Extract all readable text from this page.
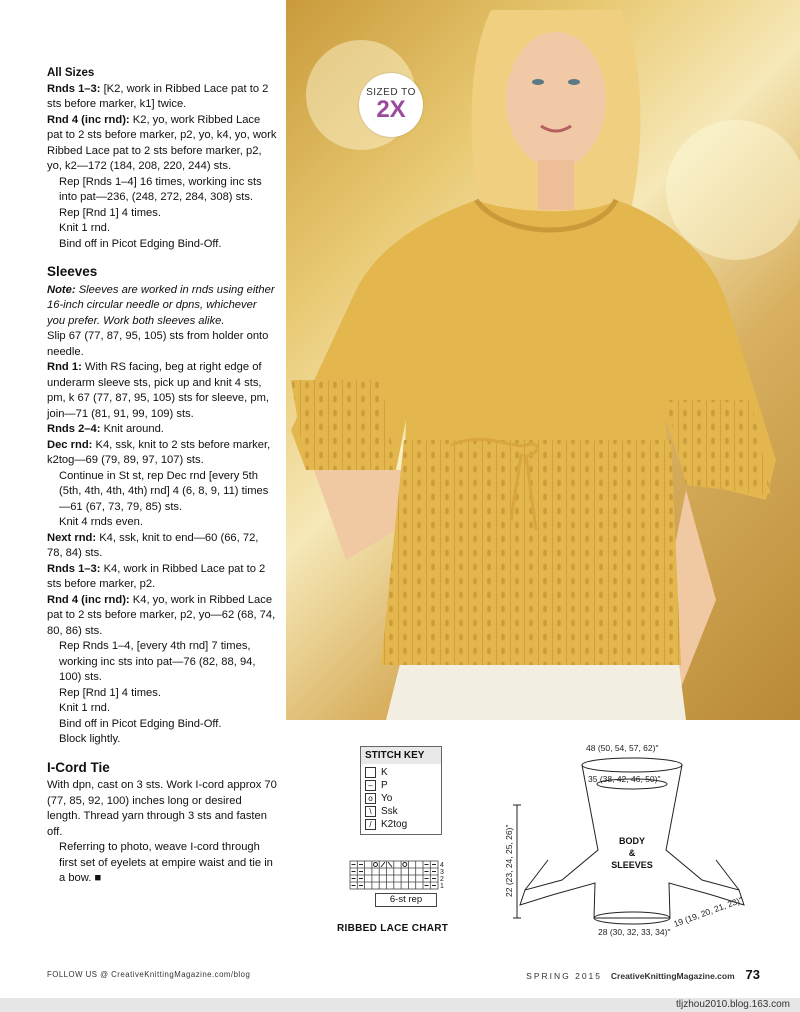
All Sizes

Rnds 1–3: [K2, work in Ribbed Lace pat to 2 sts before marker, k1] twice.

Rnd 4 (inc rnd): K2, yo, work Ribbed Lace pat to 2 sts before marker, p2, yo, k4, yo, work Ribbed Lace pat to 2 sts before marker, p2, yo, k2—172 (184, 208, 220, 244) sts.

Rep [Rnds 1–4] 16 times, working inc sts into pat—236, (248, 272, 284, 308) sts.

Rep [Rnd 1] 4 times.

Knit 1 rnd.

Bind off in Picot Edging Bind-Off.

Sleeves

Note: Sleeves are worked in rnds using either 16-inch circular needle or dpns, whichever you prefer. Work both sleeves alike.

Slip 67 (77, 87, 95, 105) sts from holder onto needle.

Rnd 1: With RS facing, beg at right edge of underarm sleeve sts, pick up and knit 4 sts, pm, k 67 (77, 87, 95, 105) sts for sleeve, pm, join—71 (81, 91, 99, 109) sts.

Rnds 2–4: Knit around.

Dec rnd: K4, ssk, knit to 2 sts before marker, k2tog—69 (79, 89, 97, 107) sts.

Continue in St st, rep Dec rnd [every 5th (5th, 4th, 4th, 4th) rnd] 4 (6, 8, 9, 11) times—61 (67, 73, 79, 85) sts.

Knit 4 rnds even.

Next rnd: K4, ssk, knit to end—60 (66, 72, 78, 84) sts.

Rnds 1–3: K4, work in Ribbed Lace pat to 2 sts before marker, p2.

Rnd 4 (inc rnd): K4, yo, work in Ribbed Lace pat to 2 sts before marker, p2, yo—62 (68, 74, 80, 86) sts.

Rep Rnds 1–4, [every 4th rnd] 7 times, working inc sts into pat—76 (82, 88, 94, 100) sts.

Rep [Rnd 1] 4 times.

Knit 1 rnd.

Bind off in Picot Edging Bind-Off.

Block lightly.

I-Cord Tie

With dpn, cast on 3 sts. Work I-cord approx 70 (77, 85, 92, 100) inches long or desired length. Thread yarn through 3 sts and fasten off.

Referring to photo, weave I-cord through first set of eyelets at empire waist and tie in a bow. ■

SIZED TO
2X
STITCH KEY
K
– P
o Yo
\ Ssk
/ K2tog
4
3
2
1
6-st rep
RIBBED LACE CHART
48 (50, 54, 57, 62)"
35 (38, 42, 46, 50)"
28 (30, 32, 33, 34)"
22 (23, 24, 25, 26)"
19 (19, 20, 21, 23)"
BODY
&
SLEEVES
FOLLOW US @ CreativeKnittingMagazine.com/blog	SPRING 2015 CreativeKnittingMagazine.com 73
tljzhou2010.blog.163.com
